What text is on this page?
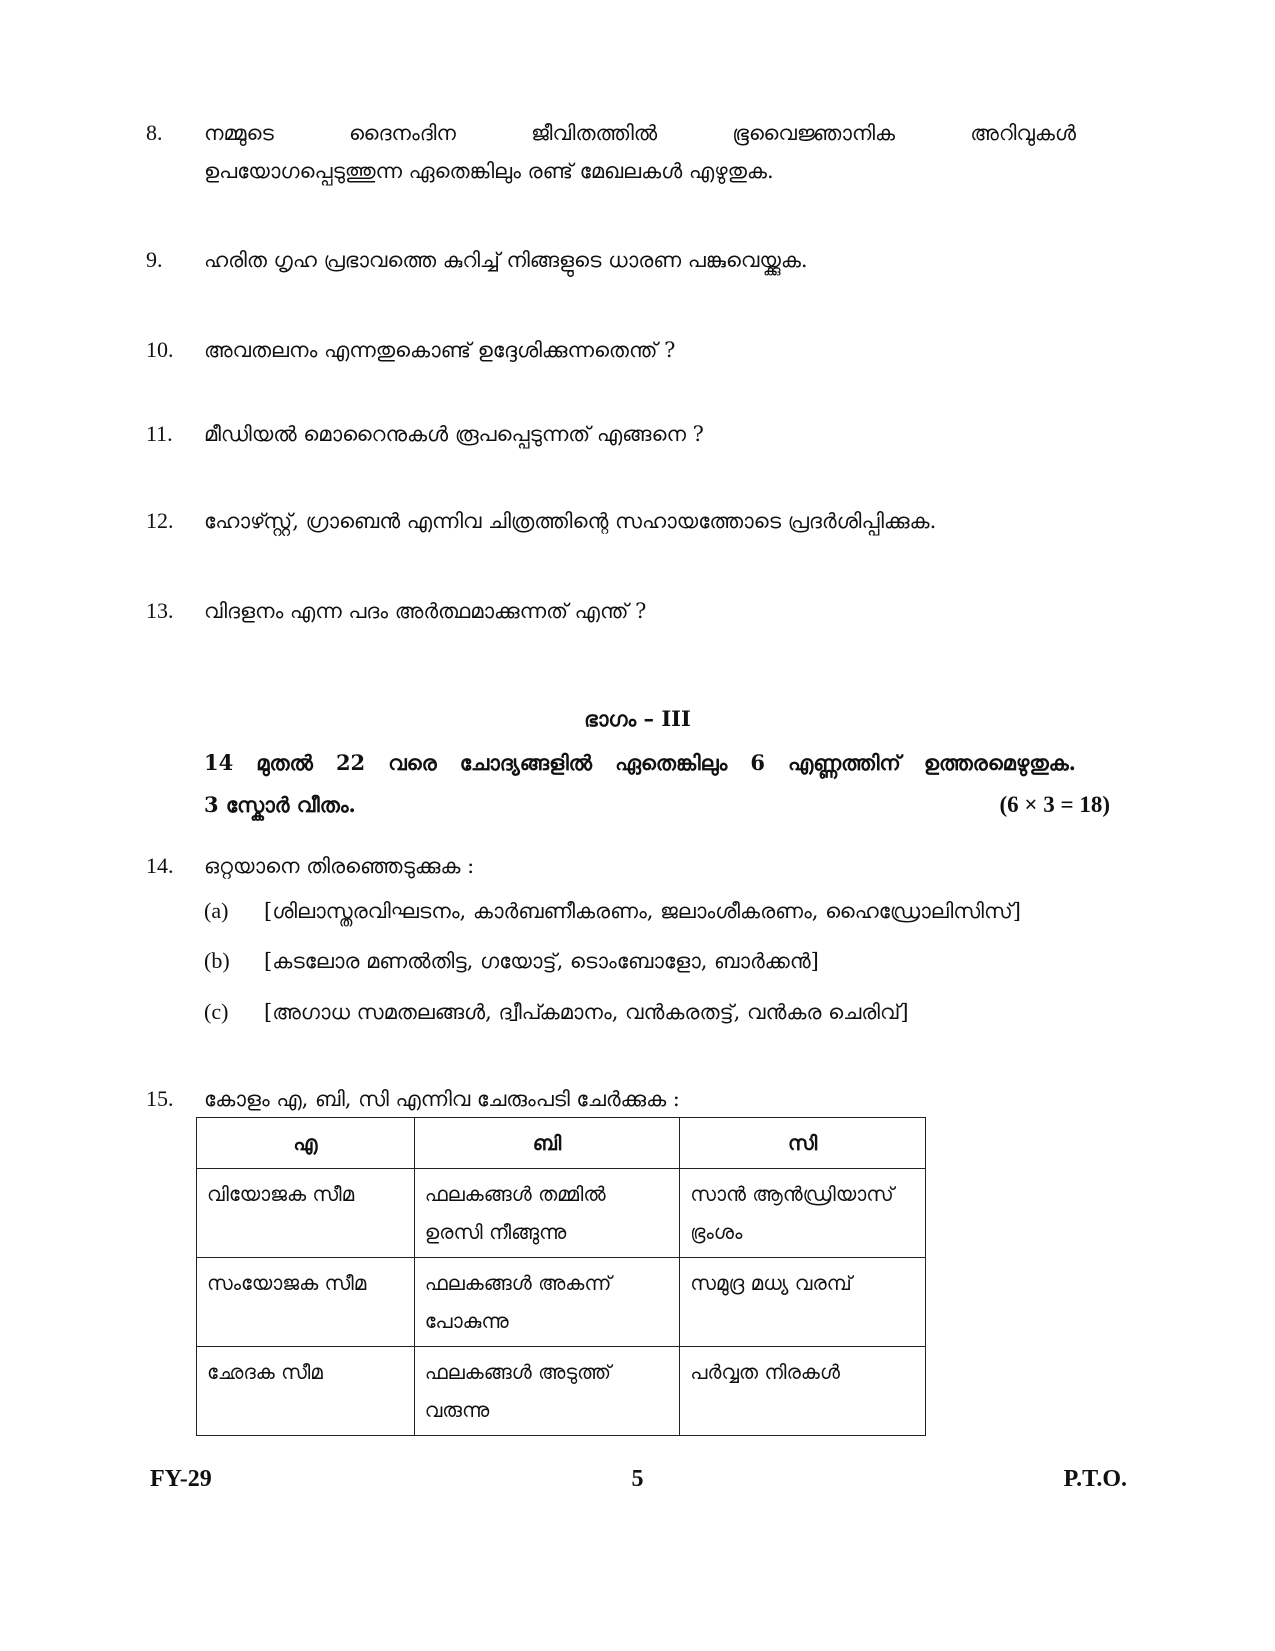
8. നമ്മുടെ ദൈനംദിന ജീവിതത്തിൽ ഭൂവൈജ്ഞാനിക അറിവുകൾ
ഉപയോഗപ്പെടുത്തുന്ന ഏതെങ്കിലും രണ്ട് മേഖലകൾ എഴുതുക.
9. ഹരിത ഗൃഹ പ്രഭാവത്തെ കുറിച്ച് നിങ്ങളുടെ ധാരണ പങ്കുവെയ്ക്കുക.
10. അവതലനം എന്നതുകൊണ്ട് ഉദ്ദേശിക്കുന്നതെന്ത് ?
11. മീഡിയൽ മൊറൈനുകൾ രൂപപ്പെടുന്നത് എങ്ങനെ ?
12. ഹോഴ്സ്റ്റ്, ഗ്രാബെൻ എന്നിവ ചിത്രത്തിന്റെ സഹായത്തോടെ പ്രദർശിപ്പിക്കുക.
13. വിദളനം എന്ന പദം അർത്ഥമാക്കുന്നത് എന്ത് ?
ഭാഗം – III
14 മുതൽ 22 വരെ ചോദ്യങ്ങളിൽ ഏതെങ്കിലും 6 എണ്ണത്തിന് ഉത്തരമെഴുതുക.
3 സ്കോർ വീതം.	(6 × 3 = 18)
14. ഒറ്റയാനെ തിരഞ്ഞെടുക്കുക :
(a) [ശിലാസ്തരവിഘടനം, കാർബണീകരണം, ജലാംശീകരണം, ഹൈഡ്രോലിസിസ്]
(b) [കടലോര മണൽതിട്ട, ഗയോട്ട്, ടൊംബോളോ, ബാർക്കൻ]
(c) [അഗാധ സമതലങ്ങൾ, ദ്വീപ്കമാനം, വൻകരതട്ട്, വൻകര ചെരിവ്]
15. കോളം എ, ബി, സി എന്നിവ ചേരുംപടി ചേർക്കുക :
എ	ബി	സി
വിയോജക സീമ	ഫലകങ്ങൾ തമ്മിൽ ഉരസി നീങ്ങുന്നു	സാൻ ആൻഡ്രിയാസ് ഭ്രംശം
സംയോജക സീമ	ഫലകങ്ങൾ അകന്ന് പോകുന്നു	സമുദ്ര മധ്യ വരമ്പ്
ഛേദക സീമ	ഫലകങ്ങൾ അടുത്ത് വരുന്നു	പർവ്വത നിരകൾ
FY-29	5	P.T.O.
